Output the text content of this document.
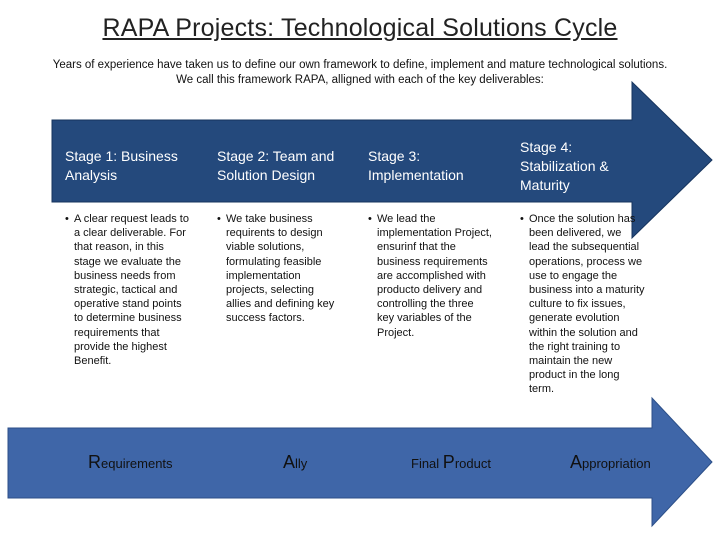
RAPA Projects: Technological Solutions Cycle
Years of experience have taken us to define our own framework to define, implement and mature technological solutions.
We call this framework RAPA, alligned with each of the key deliverables:
Stage 1: Business Analysis
Stage 2: Team and Solution Design
Stage 3: Implementation
Stage 4: Stabilization & Maturity
• A clear request leads to a clear deliverable. For that reason, in this stage we evaluate the business needs from strategic, tactical and operative stand points to determine business requirements that provide the highest Benefit.
• We take business requirents to design viable solutions, formulating feasible implementation projects, selecting allies and defining key success factors.
• We lead the implementation Project, ensurinf that the business requirements are accomplished with producto delivery and controlling the three key variables of the Project.
• Once the solution has been delivered, we lead the subsequential operations, process we use to engage the business into a maturity culture to fix issues, generate evolution within the solution and the right training to maintain the new product in the long term.
Requirements	Ally	Final Product	Appropriation
